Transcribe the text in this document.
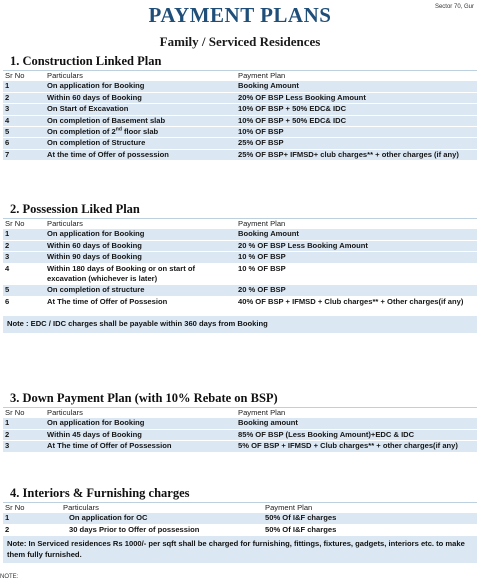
Sector 70, Gur
PAYMENT PLANS
Family / Serviced Residences
1. Construction Linked Plan
Sr No	Particulars	Payment Plan
1	On application for Booking	Booking Amount
2	Within 60 days of Booking	20% OF BSP Less Booking Amount
3	On Start of Excavation	10% OF BSP + 50% EDC& IDC
4	On completion of Basement slab	10% OF BSP + 50% EDC& IDC
5	On completion of 2nd floor slab	10% OF BSP
6	On completion of Structure	25% OF BSP
7	At the time of Offer of possession	25% OF BSP+ IFMSD+ club charges** + other charges (if any)
2. Possession Liked Plan
Sr No	Particulars	Payment Plan
1	On application for Booking	Booking Amount
2	Within 60 days of Booking	20 % OF BSP Less Booking Amount
3	Within 90 days of Booking	10 % OF BSP
4	Within 180 days of Booking or on start of excavation (whichever is later)	10 % OF BSP
5	On completion of structure	20 % OF BSP
6	At The time of Offer of Possesion	40% OF BSP + IFMSD + Club charges** + Other charges(if any)

Note : EDC / IDC charges shall be payable within 360 days from Booking		
3. Down Payment Plan (with 10% Rebate on BSP)
Sr No	Particulars	Payment Plan
1	On application for Booking	Booking amount
2	Within 45 days of Booking	85% OF BSP (Less Booking Amount)+EDC & IDC
3	At The time of Offer of Possession	5% OF BSP + IFMSD + Club charges** + other charges(if any)
4. Interiors & Furnishing charges
Sr No	Particulars	Payment Plan
1	On application for OC	50% Of I&F charges
2	30 days Prior to Offer of possession	50% Of I&F charges
Note: In Serviced residences Rs 1000/- per sqft shall be charged for furnishing, fittings, fixtures, gadgets, interiors etc. to make them fully furnished.		
NOTE:
